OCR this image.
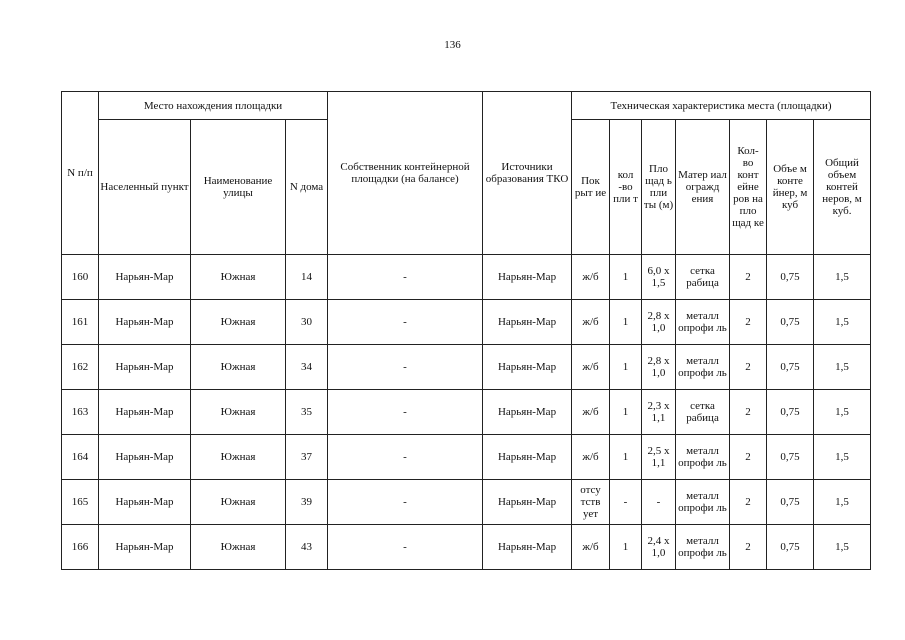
136
N п/п	Место нахождения площадки			Собственник контейнерной площадки (на балансе)	Источники образования ТКО	Техническая характеристика места (площадки)						
	Населенный пункт	Наименование улицы	N дома			Пок рыт ие	кол -во пли т	Пло щад ь пли ты (м)	Матер иал огражд ения	Кол- во конт ейне ров на пло щад ке	Объе м конте йнер, м куб	Общий объем контей неров, м куб.
160	Нарьян-Мар	Южная	14	-	Нарьян-Мар	ж/б	1	6,0 х 1,5	сетка рабица	2	0,75	1,5
161	Нарьян-Мар	Южная	30	-	Нарьян-Мар	ж/б	1	2,8 х 1,0	металл опрофи ль	2	0,75	1,5
162	Нарьян-Мар	Южная	34	-	Нарьян-Мар	ж/б	1	2,8 х 1,0	металл опрофи ль	2	0,75	1,5
163	Нарьян-Мар	Южная	35	-	Нарьян-Мар	ж/б	1	2,3 х 1,1	сетка рабица	2	0,75	1,5
164	Нарьян-Мар	Южная	37	-	Нарьян-Мар	ж/б	1	2,5 х 1,1	металл опрофи ль	2	0,75	1,5
165	Нарьян-Мар	Южная	39	-	Нарьян-Мар	отсу тств ует	-	-	металл опрофи ль	2	0,75	1,5
166	Нарьян-Мар	Южная	43	-	Нарьян-Мар	ж/б	1	2,4 х 1,0	металл опрофи ль	2	0,75	1,5
